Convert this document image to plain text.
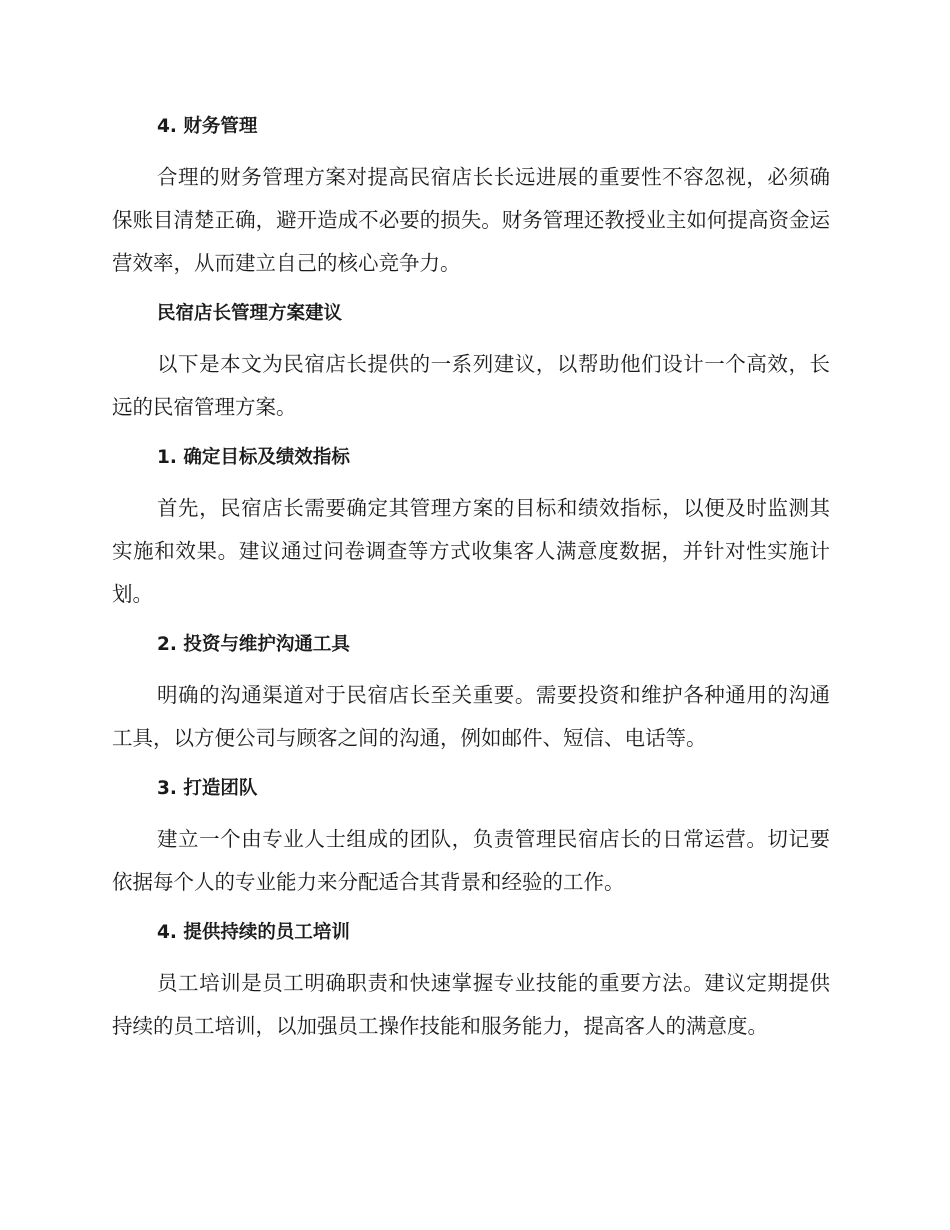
4. 财务管理
合理的财务管理方案对提高民宿店长长远进展的重要性不容忽视，必须确保账目清楚正确，避开造成不必要的损失。财务管理还教授业主如何提高资金运营效率，从而建立自己的核心竞争力。
民宿店长管理方案建议
以下是本文为民宿店长提供的一系列建议，以帮助他们设计一个高效，长远的民宿管理方案。
1. 确定目标及绩效指标
首先，民宿店长需要确定其管理方案的目标和绩效指标，以便及时监测其实施和效果。建议通过问卷调查等方式收集客人满意度数据，并针对性实施计划。
2. 投资与维护沟通工具
明确的沟通渠道对于民宿店长至关重要。需要投资和维护各种通用的沟通工具，以方便公司与顾客之间的沟通，例如邮件、短信、电话等。
3. 打造团队
建立一个由专业人士组成的团队，负责管理民宿店长的日常运营。切记要依据每个人的专业能力来分配适合其背景和经验的工作。
4. 提供持续的员工培训
员工培训是员工明确职责和快速掌握专业技能的重要方法。建议定期提供持续的员工培训，以加强员工操作技能和服务能力，提高客人的满意度。
